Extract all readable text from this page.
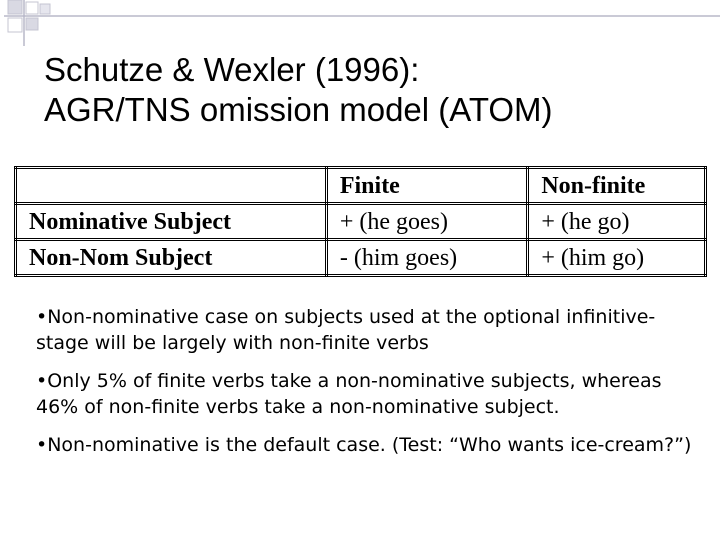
Schutze & Wexler (1996):
AGR/TNS omission model (ATOM)
	Finite	Non-finite
Nominative Subject	+ (he goes)	+ (he go)
Non-Nom Subject	- (him goes)	+ (him go)

•Non-nominative case on subjects used at the optional infinitive-stage will be largely with non-finite verbs

•Only 5% of finite verbs take a non-nominative subjects, whereas 46% of non-finite verbs take a non-nominative subject.

•Non-nominative is the default case. (Test: “Who wants ice-cream?”)
